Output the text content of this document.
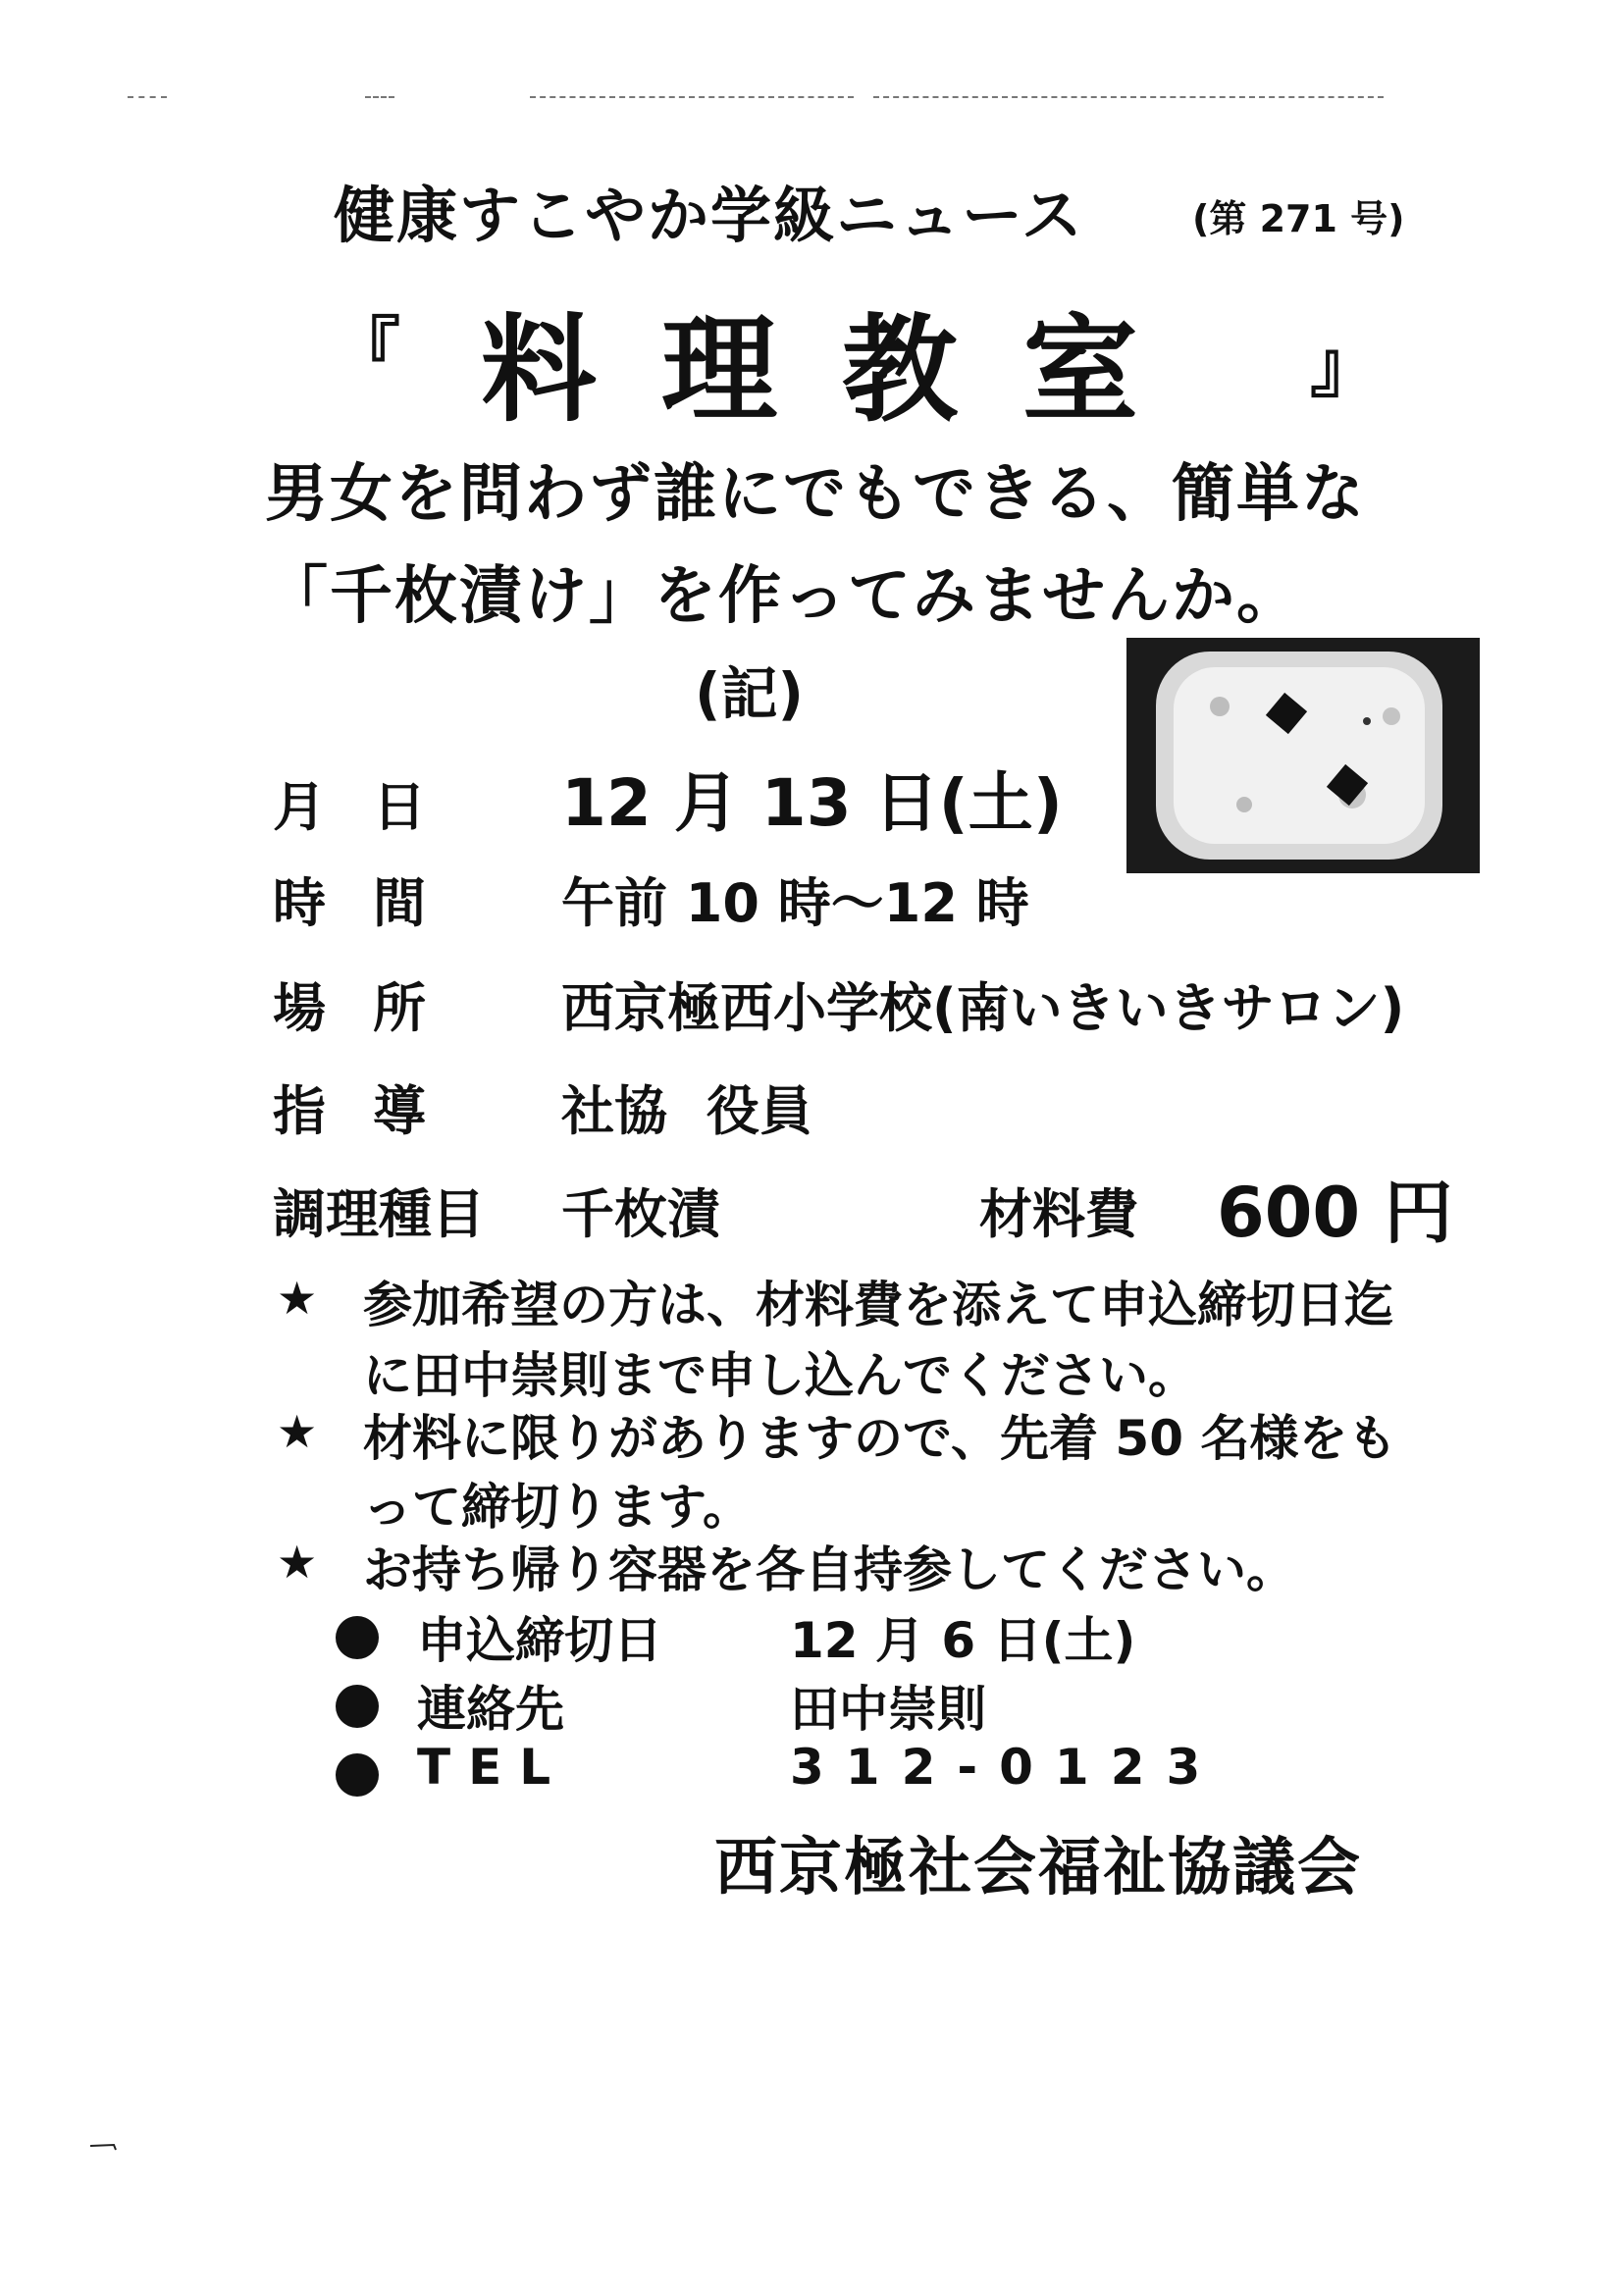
健康すこやか学級ニュース	(第 271 号)
『 料理教室 』
男女を問わず誰にでもできる、簡単な
「千枚漬け」を作ってみませんか。
(記)
月日 12 月 13 日(土)
時間 午前 10 時～12 時
場所 西京極西小学校(南いきいきサロン)
指導 社協 役員
調理種目 千枚漬	材料費 600 円
★ 参加希望の方は、材料費を添えて申込締切日迄
に田中崇則まで申し込んでください。
★ 材料に限りがありますので、先着 50 名様をも
って締切ります。
★ お持ち帰り容器を各自持参してください。
申込締切日	12 月 6 日(土)
連絡先	田中崇則
TEL	312-0123
西京極社会福祉協議会
